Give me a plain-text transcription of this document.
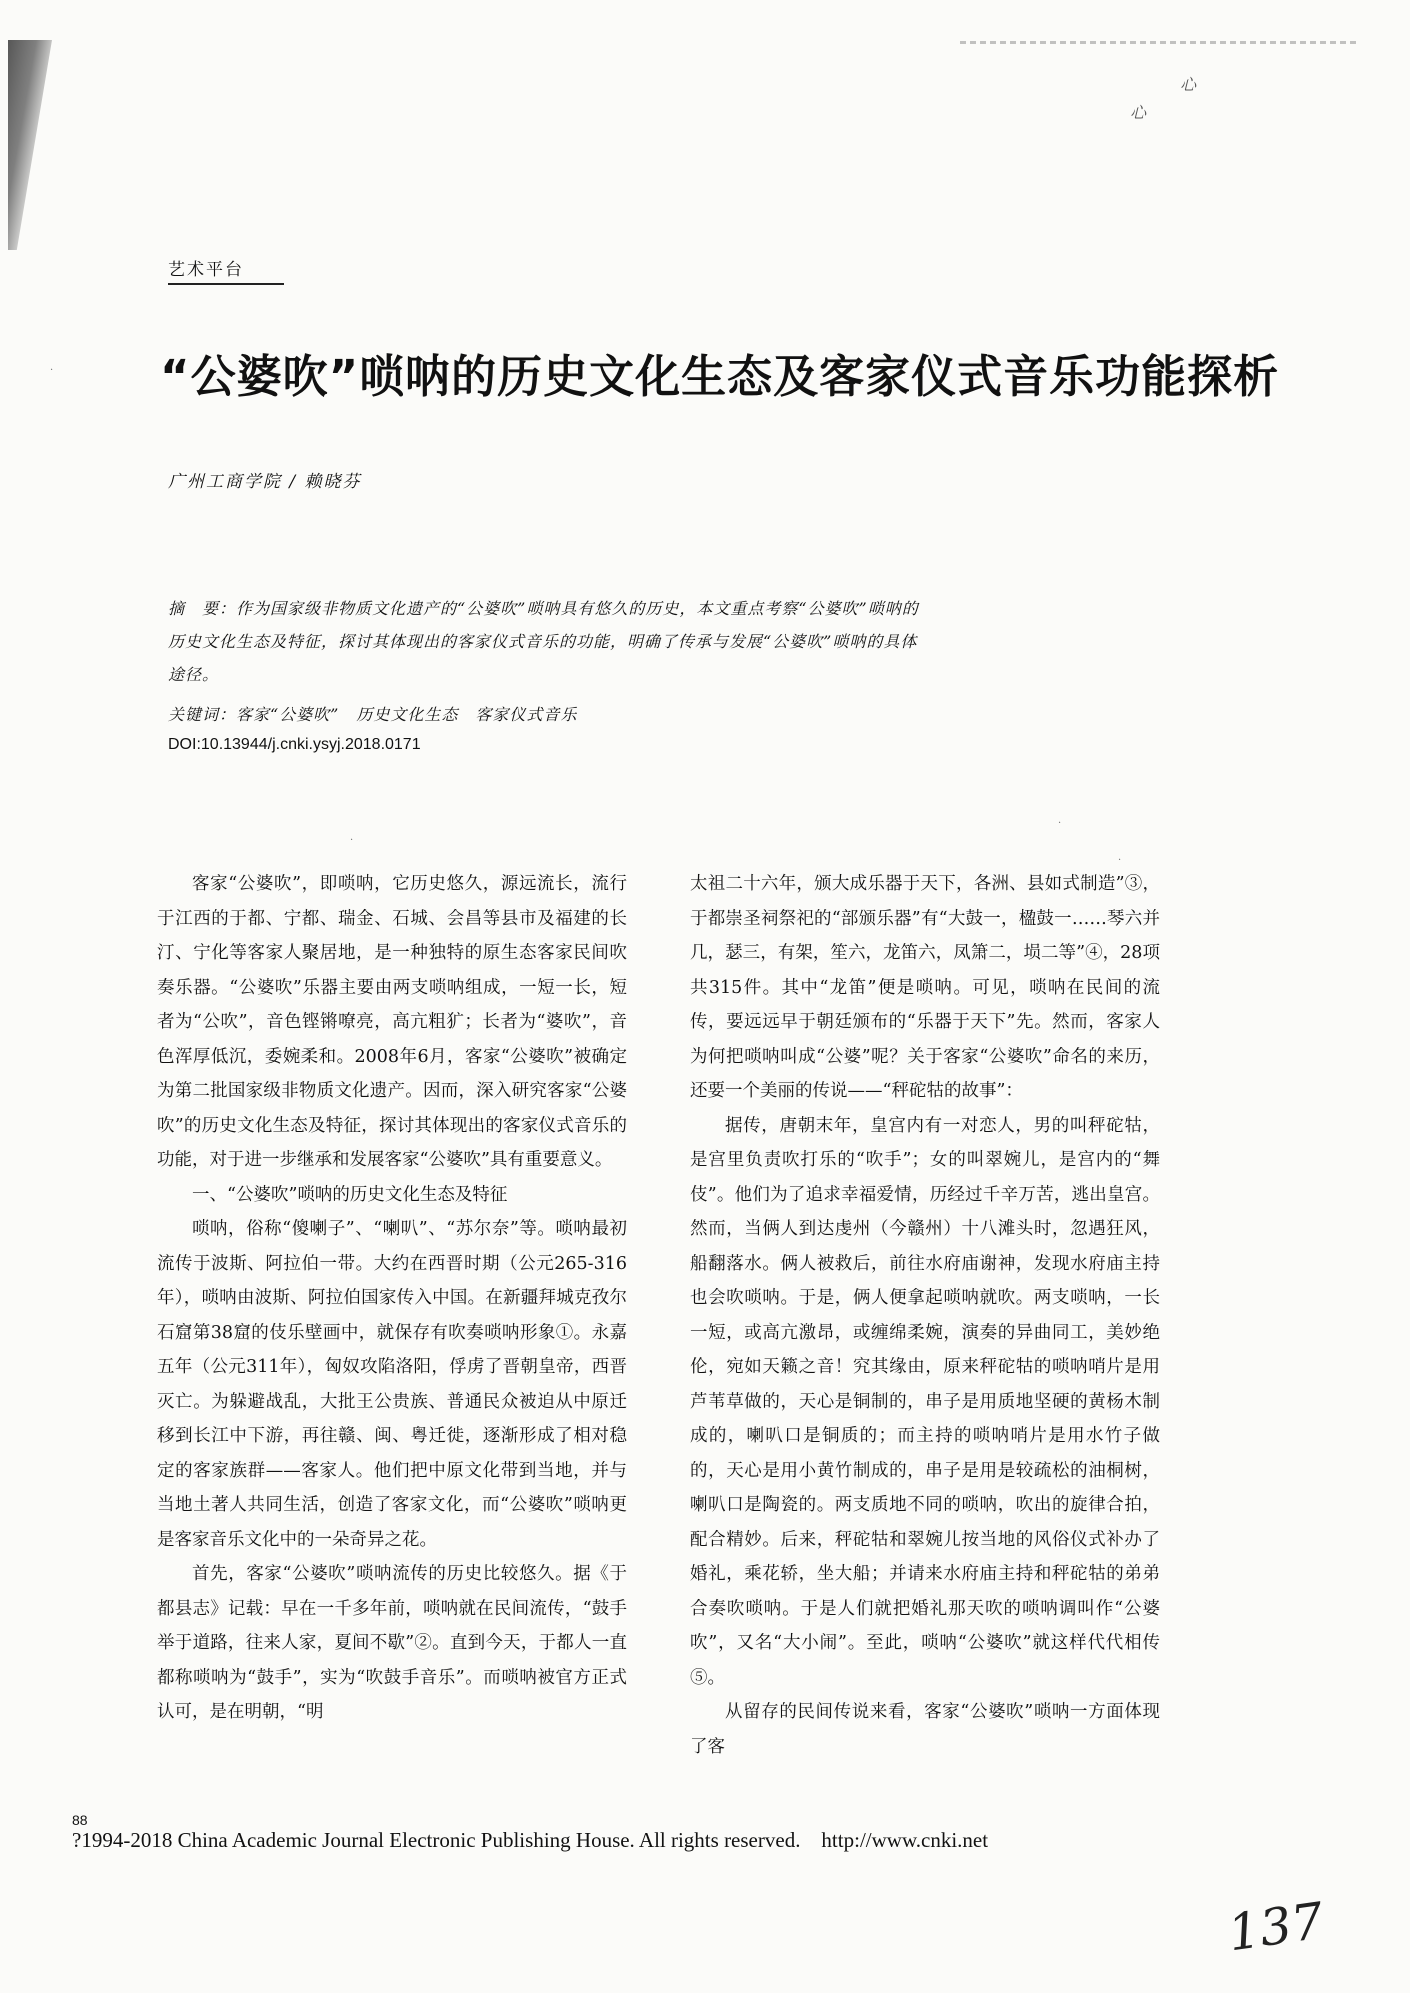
心
心
艺术平台
“公婆吹”唢呐的历史文化生态及客家仪式音乐功能探析
广州工商学院 / 赖晓芬

摘　要：作为国家级非物质文化遗产的“公婆吹”唢呐具有悠久的历史，本文重点考察“公婆吹”唢呐的

历史文化生态及特征，探讨其体现出的客家仪式音乐的功能，明确了传承与发展“公婆吹”唢呐的具体

途径。

关键词：客家“公婆吹”　历史文化生态　客家仪式音乐
DOI:10.13944/j.cnki.ysyj.2018.0171

客家“公婆吹”，即唢呐，它历史悠久，源远流长，流行于江西的于都、宁都、瑞金、石城、会昌等县市及福建的长汀、宁化等客家人聚居地，是一种独特的原生态客家民间吹奏乐器。“公婆吹”乐器主要由两支唢呐组成，一短一长，短者为“公吹”，音色铿锵嘹亮，高亢粗犷；长者为“婆吹”，音色浑厚低沉，委婉柔和。2008年6月，客家“公婆吹”被确定为第二批国家级非物质文化遗产。因而，深入研究客家“公婆吹”的历史文化生态及特征，探讨其体现出的客家仪式音乐的功能，对于进一步继承和发展客家“公婆吹”具有重要意义。

一、“公婆吹”唢呐的历史文化生态及特征

唢呐，俗称“傻喇子”、“喇叭”、“苏尔奈”等。唢呐最初流传于波斯、阿拉伯一带。大约在西晋时期（公元265-316年），唢呐由波斯、阿拉伯国家传入中国。在新疆拜城克孜尔石窟第38窟的伎乐壁画中，就保存有吹奏唢呐形象①。永嘉五年（公元311年），匈奴攻陷洛阳，俘虏了晋朝皇帝，西晋灭亡。为躲避战乱，大批王公贵族、普通民众被迫从中原迁移到长江中下游，再往赣、闽、粤迁徙，逐渐形成了相对稳定的客家族群——客家人。他们把中原文化带到当地，并与当地土著人共同生活，创造了客家文化，而“公婆吹”唢呐更是客家音乐文化中的一朵奇异之花。

首先，客家“公婆吹”唢呐流传的历史比较悠久。据《于都县志》记载：早在一千多年前，唢呐就在民间流传，“鼓手举于道路，往来人家，夏间不歇”②。直到今天，于都人一直都称唢呐为“鼓手”，实为“吹鼓手音乐”。而唢呐被官方正式认可，是在明朝，“明

太祖二十六年，颁大成乐器于天下，各洲、县如式制造”③，于都崇圣祠祭祀的“部颁乐器”有“大鼓一，楹鼓一……琴六并几，瑟三，有架，笙六，龙笛六，凤箫二，埙二等”④，28项共315件。其中“龙笛”便是唢呐。可见，唢呐在民间的流传，要远远早于朝廷颁布的“乐器于天下”先。然而，客家人为何把唢呐叫成“公婆”呢？关于客家“公婆吹”命名的来历，还要一个美丽的传说——“秤砣牯的故事”：

据传，唐朝末年，皇宫内有一对恋人，男的叫秤砣牯，是宫里负责吹打乐的“吹手”；女的叫翠婉儿，是宫内的“舞伎”。他们为了追求幸福爱情，历经过千辛万苦，逃出皇宫。然而，当俩人到达虔州（今赣州）十八滩头时，忽遇狂风，船翻落水。俩人被救后，前往水府庙谢神，发现水府庙主持也会吹唢呐。于是，俩人便拿起唢呐就吹。两支唢呐，一长一短，或高亢激昂，或缠绵柔婉，演奏的异曲同工，美妙绝伦，宛如天籁之音！究其缘由，原来秤砣牯的唢呐哨片是用芦苇草做的，天心是铜制的，串子是用质地坚硬的黄杨木制成的，喇叭口是铜质的；而主持的唢呐哨片是用水竹子做的，天心是用小黄竹制成的，串子是用是较疏松的油桐树，喇叭口是陶瓷的。两支质地不同的唢呐，吹出的旋律合拍，配合精妙。后来，秤砣牯和翠婉儿按当地的风俗仪式补办了婚礼，乘花轿，坐大船；并请来水府庙主持和秤砣牯的弟弟合奏吹唢呐。于是人们就把婚礼那天吹的唢呐调叫作“公婆吹”，又名“大小闹”。至此，唢呐“公婆吹”就这样代代相传⑤。

从留存的民间传说来看，客家“公婆吹”唢呐一方面体现了客

88
?1994-2018 China Academic Journal Electronic Publishing House. All rights reserved.　http://www.cnki.net
137
·
·
·
·
